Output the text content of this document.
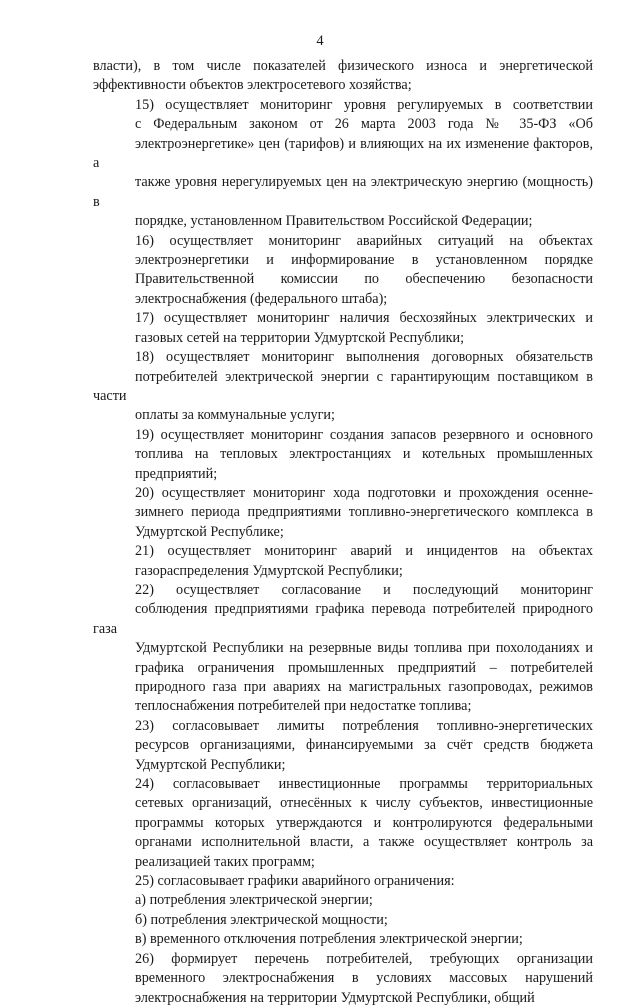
4

власти), в том числе показателей физического износа и энергетической
эффективности объектов электросетевого хозяйства;

15) осуществляет мониторинг уровня регулируемых в соответствии
с Федеральным законом от 26 марта 2003 года № 35-ФЗ «Об
электроэнергетике» цен (тарифов) и влияющих на их изменение факторов, а
также уровня нерегулируемых цен на электрическую энергию (мощность) в
порядке, установленном Правительством Российской Федерации;

16) осуществляет мониторинг аварийных ситуаций на объектах
электроэнергетики и информирование в установленном порядке
Правительственной комиссии по обеспечению безопасности
электроснабжения (федерального штаба);

17) осуществляет мониторинг наличия бесхозяйных электрических и
газовых сетей на территории Удмуртской Республики;

18) осуществляет мониторинг выполнения договорных обязательств
потребителей электрической энергии с гарантирующим поставщиком в части
оплаты за коммунальные услуги;

19) осуществляет мониторинг создания запасов резервного и основного
топлива на тепловых электростанциях и котельных промышленных
предприятий;

20) осуществляет мониторинг хода подготовки и прохождения осенне-
зимнего периода предприятиями топливно-энергетического комплекса в
Удмуртской Республике;

21) осуществляет мониторинг аварий и инцидентов на объектах
газораспределения Удмуртской Республики;

22) осуществляет согласование и последующий мониторинг
соблюдения предприятиями графика перевода потребителей природного газа
Удмуртской Республики на резервные виды топлива при похолоданиях и
графика ограничения промышленных предприятий – потребителей
природного газа при авариях на магистральных газопроводах, режимов
теплоснабжения потребителей при недостатке топлива;

23) согласовывает лимиты потребления топливно-энергетических
ресурсов организациями, финансируемыми за счёт средств бюджета
Удмуртской Республики;

24) согласовывает инвестиционные программы территориальных
сетевых организаций, отнесённых к числу субъектов, инвестиционные
программы которых утверждаются и контролируются федеральными
органами исполнительной власти, а также осуществляет контроль за
реализацией таких программ;

25) согласовывает графики аварийного ограничения:

а) потребления электрической энергии;

б) потребления электрической мощности;

в) временного отключения потребления электрической энергии;

26) формирует перечень потребителей, требующих организации
временного электроснабжения в условиях массовых нарушений
электроснабжения на территории Удмуртской Республики, общий
